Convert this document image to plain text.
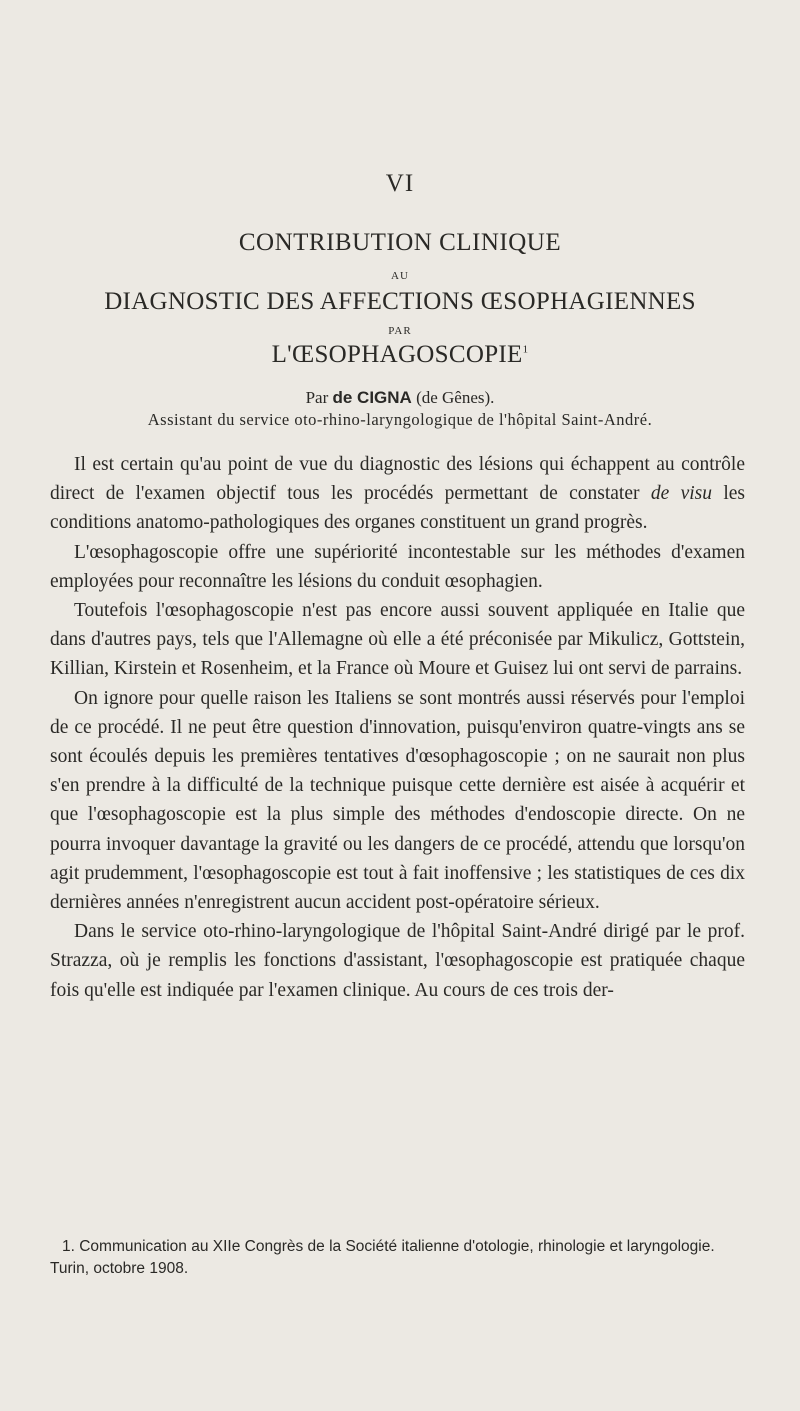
VI
CONTRIBUTION CLINIQUE
AU
DIAGNOSTIC DES AFFECTIONS ŒSOPHAGIENNES
PAR
L'ŒSOPHAGOSCOPIE$^1$
Par de CIGNA (de Gênes).
Assistant du service oto-rhino-laryngologique de l'hôpital Saint-André.

Il est certain qu'au point de vue du diagnostic des lésions qui échappent au contrôle direct de l'examen objectif tous les procédés permettant de constater de visu les conditions anatomo-pathologiques des organes constituent un grand progrès.

L'œsophagoscopie offre une supériorité incontestable sur les méthodes d'examen employées pour reconnaître les lésions du conduit œsophagien.

Toutefois l'œsophagoscopie n'est pas encore aussi souvent appliquée en Italie que dans d'autres pays, tels que l'Allemagne où elle a été préconisée par Mikulicz, Gottstein, Killian, Kirstein et Rosenheim, et la France où Moure et Guisez lui ont servi de parrains.

On ignore pour quelle raison les Italiens se sont montrés aussi réservés pour l'emploi de ce procédé. Il ne peut être question d'innovation, puisqu'environ quatre-vingts ans se sont écoulés depuis les premières tentatives d'œsophagoscopie ; on ne saurait non plus s'en prendre à la difficulté de la technique puisque cette dernière est aisée à acquérir et que l'œsophagoscopie est la plus simple des méthodes d'endoscopie directe. On ne pourra invoquer davantage la gravité ou les dangers de ce procédé, attendu que lorsqu'on agit prudemment, l'œsophagoscopie est tout à fait inoffensive ; les statistiques de ces dix dernières années n'enregistrent aucun accident post-opératoire sérieux.

Dans le service oto-rhino-laryngologique de l'hôpital Saint-André dirigé par le prof. Strazza, où je remplis les fonctions d'assistant, l'œsophagoscopie est pratiquée chaque fois qu'elle est indiquée par l'examen clinique. Au cours de ces trois der-

1. Communication au XIIe Congrès de la Société italienne d'otologie, rhinologie et laryngologie. Turin, octobre 1908.
